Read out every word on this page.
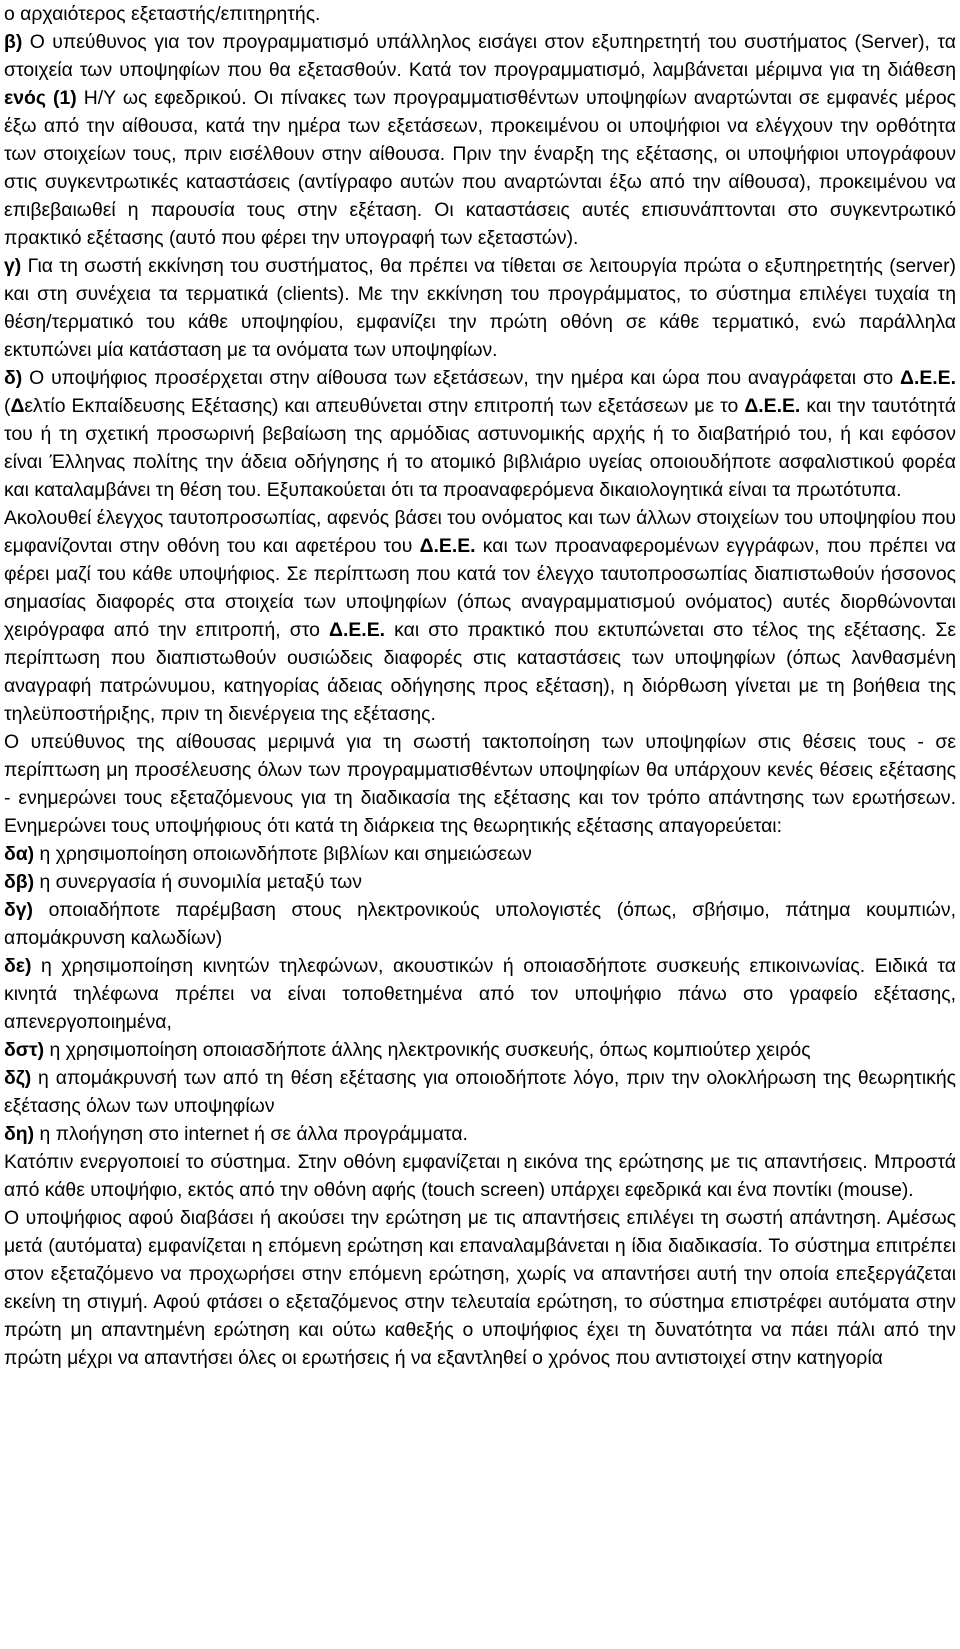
ο αρχαιότερος εξεταστής/επιτηρητής.

β) Ο υπεύθυνος για τον προγραμματισμό υπάλληλος εισάγει στον εξυπηρετητή του συστήματος (Server), τα στοιχεία των υποψηφίων που θα εξετασθούν. Κατά τον προγραμματισμό, λαμβάνεται μέριμνα για τη διάθεση ενός (1) Η/Υ ως εφεδρικού. Οι πίνακες των προγραμματισθέντων υποψηφίων αναρτώνται σε εμφανές μέρος έξω από την αίθουσα, κατά την ημέρα των εξετάσεων, προκειμένου οι υποψήφιοι να ελέγχουν την ορθότητα των στοιχείων τους, πριν εισέλθουν στην αίθουσα. Πριν την έναρξη της εξέτασης, οι υποψήφιοι υπογράφουν στις συγκεντρωτικές καταστάσεις (αντίγραφο αυτών που αναρτώνται έξω από την αίθουσα), προκειμένου να επιβεβαιωθεί η παρουσία τους στην εξέταση. Οι καταστάσεις αυτές επισυνάπτονται στο συγκεντρωτικό πρακτικό εξέτασης (αυτό που φέρει την υπογραφή των εξεταστών).

γ) Για τη σωστή εκκίνηση του συστήματος, θα πρέπει να τίθεται σε λειτουργία πρώτα ο εξυπηρετητής (server) και στη συνέχεια τα τερματικά (clients). Με την εκκίνηση του προγράμματος, το σύστημα επιλέγει τυχαία τη θέση/τερματικό του κάθε υποψηφίου, εμφανίζει την πρώτη οθόνη σε κάθε τερματικό, ενώ παράλληλα εκτυπώνει μία κατάσταση με τα ονόματα των υποψηφίων.

δ) Ο υποψήφιος προσέρχεται στην αίθουσα των εξετάσεων, την ημέρα και ώρα που αναγράφεται στο Δ.Ε.Ε. (Δελτίο Εκπαίδευσης Εξέτασης) και απευθύνεται στην επιτροπή των εξετάσεων με το Δ.Ε.Ε. και την ταυτότητά του ή τη σχετική προσωρινή βεβαίωση της αρμόδιας αστυνομικής αρχής ή το διαβατήριό του, ή και εφόσον είναι Έλληνας πολίτης την άδεια οδήγησης ή το ατομικό βιβλιάριο υγείας οποιουδήποτε ασφαλιστικού φορέα και καταλαμβάνει τη θέση του. Εξυπακούεται ότι τα προαναφερόμενα δικαιολογητικά είναι τα πρωτότυπα.

Ακολουθεί έλεγχος ταυτοπροσωπίας, αφενός βάσει του ονόματος και των άλλων στοιχείων του υποψηφίου που εμφανίζονται στην οθόνη του και αφετέρου του Δ.Ε.Ε. και των προαναφερομένων εγγράφων, που πρέπει να φέρει μαζί του κάθε υποψήφιος. Σε περίπτωση που κατά τον έλεγχο ταυτοπροσωπίας διαπιστωθούν ήσσονος σημασίας διαφορές στα στοιχεία των υποψηφίων (όπως αναγραμματισμού ονόματος) αυτές διορθώνονται χειρόγραφα από την επιτροπή, στο Δ.Ε.Ε. και στο πρακτικό που εκτυπώνεται στο τέλος της εξέτασης. Σε περίπτωση που διαπιστωθούν ουσιώδεις διαφορές στις καταστάσεις των υποψηφίων (όπως λανθασμένη αναγραφή πατρώνυμου, κατηγορίας άδειας οδήγησης προς εξέταση), η διόρθωση γίνεται με τη βοήθεια της τηλεϋποστήριξης, πριν τη διενέργεια της εξέτασης.

Ο υπεύθυνος της αίθουσας μεριμνά για τη σωστή τακτοποίηση των υποψηφίων στις θέσεις τους - σε περίπτωση μη προσέλευσης όλων των προγραμματισθέντων υποψηφίων θα υπάρχουν κενές θέσεις εξέτασης - ενημερώνει τους εξεταζόμενους για τη διαδικασία της εξέτασης και τον τρόπο απάντησης των ερωτήσεων. Ενημερώνει τους υποψήφιους ότι κατά τη διάρκεια της θεωρητικής εξέτασης απαγορεύεται:

δα) η χρησιμοποίηση οποιωνδήποτε βιβλίων και σημειώσεων

δβ) η συνεργασία ή συνομιλία μεταξύ των

δγ) οποιαδήποτε παρέμβαση στους ηλεκτρονικούς υπολογιστές (όπως, σβήσιμο, πάτημα κουμπιών, απομάκρυνση καλωδίων)

δε) η χρησιμοποίηση κινητών τηλεφώνων, ακουστικών ή οποιασδήποτε συσκευής επικοινωνίας. Ειδικά τα κινητά τηλέφωνα πρέπει να είναι τοποθετημένα από τον υποψήφιο πάνω στο γραφείο εξέτασης, απενεργοποιημένα,

δστ) η χρησιμοποίηση οποιασδήποτε άλλης ηλεκτρονικής συσκευής, όπως κομπιούτερ χειρός

δζ) η απομάκρυνσή των από τη θέση εξέτασης για οποιοδήποτε λόγο, πριν την ολοκλήρωση της θεωρητικής εξέτασης όλων των υποψηφίων

δη) η πλοήγηση στο internet ή σε άλλα προγράμματα.

Κατόπιν ενεργοποιεί το σύστημα. Στην οθόνη εμφανίζεται η εικόνα της ερώτησης με τις απαντήσεις. Μπροστά από κάθε υποψήφιο, εκτός από την οθόνη αφής (touch screen) υπάρχει εφεδρικά και ένα ποντίκι (mouse).

Ο υποψήφιος αφού διαβάσει ή ακούσει την ερώτηση με τις απαντήσεις επιλέγει τη σωστή απάντηση. Αμέσως μετά (αυτόματα) εμφανίζεται η επόμενη ερώτηση και επαναλαμβάνεται η ίδια διαδικασία. Το σύστημα επιτρέπει στον εξεταζόμενο να προχωρήσει στην επόμενη ερώτηση, χωρίς να απαντήσει αυτή την οποία επεξεργάζεται εκείνη τη στιγμή. Αφού φτάσει ο εξεταζόμενος στην τελευταία ερώτηση, το σύστημα επιστρέφει αυτόματα στην πρώτη μη απαντημένη ερώτηση και ούτω καθεξής ο υποψήφιος έχει τη δυνατότητα να πάει πάλι από την πρώτη μέχρι να απαντήσει όλες οι ερωτήσεις ή να εξαντληθεί ο χρόνος που αντιστοιχεί στην κατηγορία
